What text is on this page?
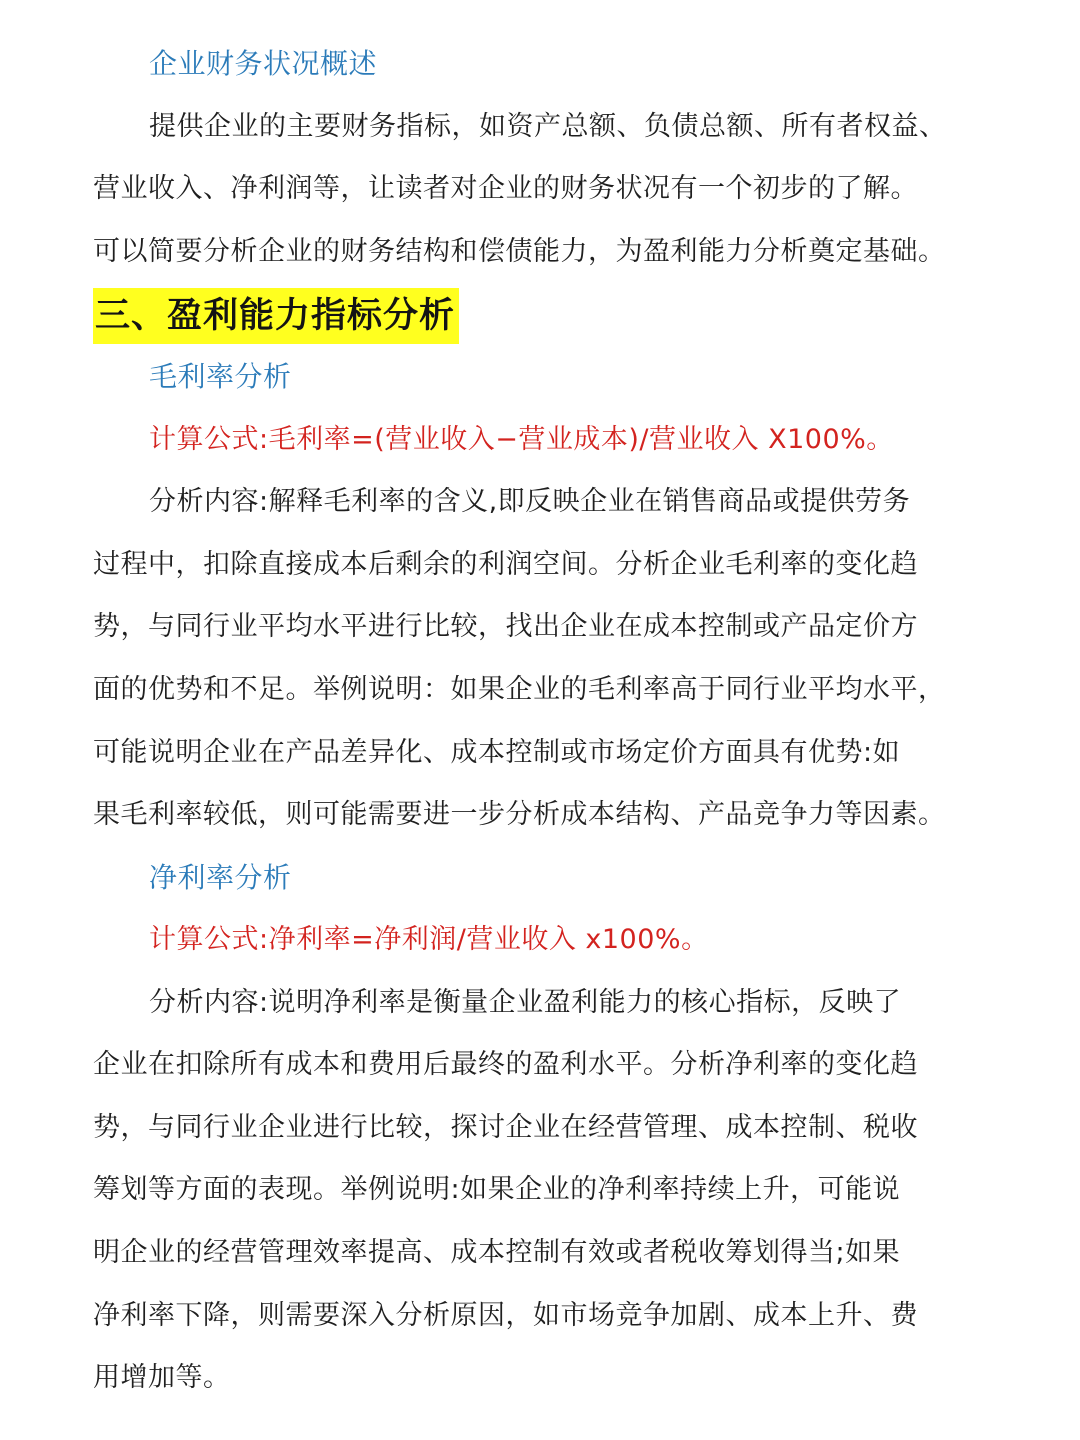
企业财务状况概述
提供企业的主要财务指标，如资产总额、负债总额、所有者权益、
营业收入、净利润等，让读者对企业的财务状况有一个初步的了解。
可以简要分析企业的财务结构和偿债能力，为盈利能力分析奠定基础。
三、盈利能力指标分析
毛利率分析
计算公式:毛利率=(营业收入−营业成本)/营业收入 X100%。
分析内容:解释毛利率的含义,即反映企业在销售商品或提供劳务
过程中，扣除直接成本后剩余的利润空间。分析企业毛利率的变化趋
势，与同行业平均水平进行比较，找出企业在成本控制或产品定价方
面的优势和不足。举例说明：如果企业的毛利率高于同行业平均水平，
可能说明企业在产品差异化、成本控制或市场定价方面具有优势:如
果毛利率较低，则可能需要进一步分析成本结构、产品竞争力等因素。
净利率分析
计算公式:净利率=净利润/营业收入 x100%。
分析内容:说明净利率是衡量企业盈利能力的核心指标，反映了
企业在扣除所有成本和费用后最终的盈利水平。分析净利率的变化趋
势，与同行业企业进行比较，探讨企业在经营管理、成本控制、税收
筹划等方面的表现。举例说明:如果企业的净利率持续上升，可能说
明企业的经营管理效率提高、成本控制有效或者税收筹划得当;如果
净利率下降，则需要深入分析原因，如市场竞争加剧、成本上升、费
用增加等。
